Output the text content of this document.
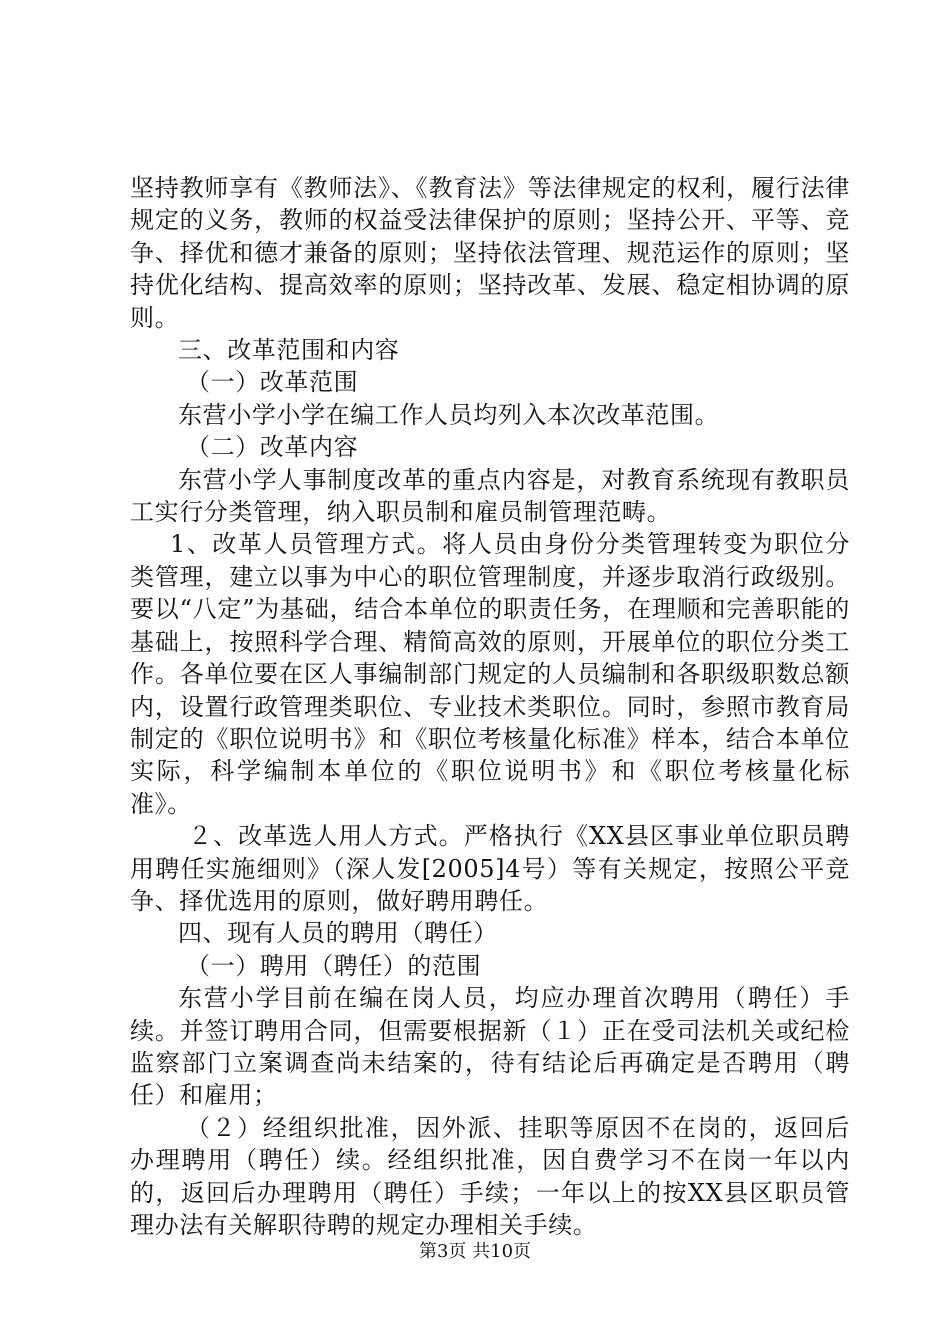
坚持教师享有《教师法》、《教育法》等法律规定的权利，履行法律规定的义务，教师的权益受法律保护的原则；坚持公开、平等、竞争、择优和德才兼备的原则；坚持依法管理、规范运作的原则；坚持优化结构、提高效率的原则；坚持改革、发展、稳定相协调的原则。

三、改革范围和内容

（一）改革范围

东营小学小学在编工作人员均列入本次改革范围。

（二）改革内容

东营小学人事制度改革的重点内容是，对教育系统现有教职员工实行分类管理，纳入职员制和雇员制管理范畴。

1、改革人员管理方式。将人员由身份分类管理转变为职位分类管理，建立以事为中心的职位管理制度，并逐步取消行政级别。要以“八定”为基础，结合本单位的职责任务，在理顺和完善职能的基础上，按照科学合理、精简高效的原则，开展单位的职位分类工作。各单位要在区人事编制部门规定的人员编制和各职级职数总额内，设置行政管理类职位、专业技术类职位。同时，参照市教育局制定的《职位说明书》和《职位考核量化标准》样本，结合本单位实际，科学编制本单位的《职位说明书》和《职位考核量化标准》。

２、改革选人用人方式。严格执行《XX县区事业单位职员聘用聘任实施细则》（深人发[2005]4号）等有关规定，按照公平竞争、择优选用的原则，做好聘用聘任。

四、现有人员的聘用（聘任）

（一）聘用（聘任）的范围

东营小学目前在编在岗人员，均应办理首次聘用（聘任）手续。并签订聘用合同，但需要根据新（１）正在受司法机关或纪检监察部门立案调查尚未结案的，待有结论后再确定是否聘用（聘任）和雇用；

（２）经组织批准，因外派、挂职等原因不在岗的，返回后办理聘用（聘任）续。经组织批准，因自费学习不在岗一年以内的，返回后办理聘用（聘任）手续；一年以上的按XX县区职员管理办法有关解职待聘的规定办理相关手续。

第3页 共10页
